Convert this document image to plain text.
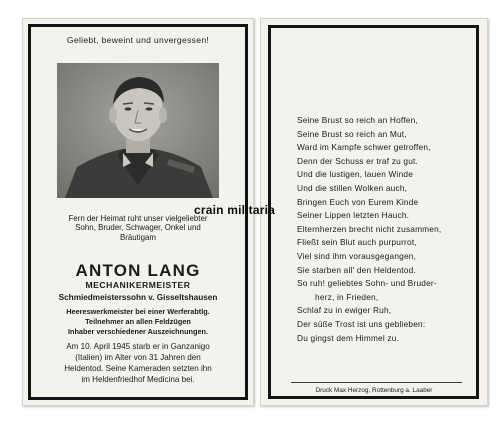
Geliebt, beweint und unvergessen!
Fern der Heimat ruht unser vielgeliebter
Sohn, Bruder, Schwager, Onkel und
Bräutigam
ANTON LANG
MECHANIKERMEISTER
Schmiedmeisterssohn v. Gisseltshausen
Heereswerkmeister bei einer Werferabtlg.
Teilnehmer an allen Feldzügen
Inhaber verschiedener Auszeichnungen.
Am 10. April 1945 starb er in Ganzanigo
(Italien) im Alter von 31 Jahren den
Heldentod. Seine Kameraden setzten ihn
im Heldenfriedhof Medicina bei.
Seine Brust so reich an Hoffen,
Seine Brust so reich an Mut,
Ward im Kampfe schwer getroffen,
Denn der Schuss er traf zu gut.
Und die lustigen, lauen Winde
Und die stillen Wolken auch,
Bringen Euch von Eurem Kinde
Seiner Lippen letzten Hauch.
Elternherzen brecht nicht zusammen,
Fließt sein Blut auch purpurrot,
Viel sind ihm vorausgegangen,
Sie starben all' den Heldentod.
So ruh! geliebtes Sohn- und Bruder-
herz, in Frieden,
Schlaf zu in ewiger Ruh,
Der süße Trost ist uns geblieben:
Du gingst dem Himmel zu.
Druck Max Herzog, Rottenburg a. Laaber
crain militaria
